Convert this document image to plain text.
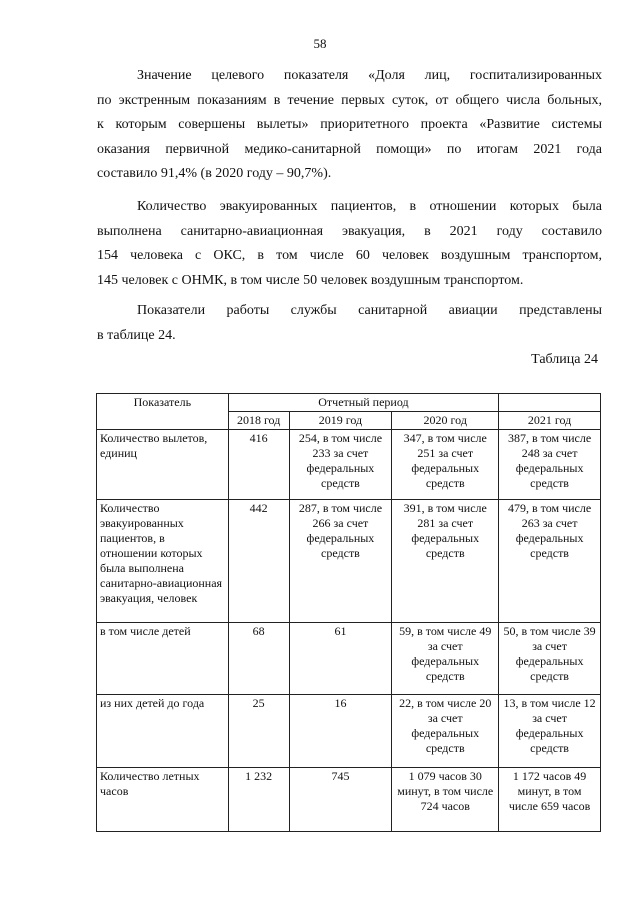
58
Значение целевого показателя «Доля лиц, госпитализированных
по экстренным показаниям в течение первых суток, от общего числа больных,
к которым совершены вылеты» приоритетного проекта «Развитие системы
оказания первичной медико-санитарной помощи» по итогам 2021 года
составило 91,4% (в 2020 году – 90,7%).
Количество эвакуированных пациентов, в отношении которых была
выполнена санитарно-авиационная эвакуация, в 2021 году составило
154 человека с ОКС, в том числе 60 человек воздушным транспортом,
145 человек с ОНМК, в том числе 50 человек воздушным транспортом.
Показатели работы службы санитарной авиации представлены
в таблице 24.
Таблица 24
Показатель	Отчетный период			
	2018 год	2019 год	2020 год	2021 год
Количество вылетов, единиц	416	254, в том числе 233 за счет федеральных средств	347, в том числе 251 за счет федеральных средств	387, в том числе 248 за счет федеральных средств
Количество эвакуированных пациентов, в отношении которых была выполнена санитарно-авиационная эвакуация, человек	442	287, в том числе 266 за счет федеральных средств	391, в том числе 281 за счет федеральных средств	479, в том числе 263 за счет федеральных средств
в том числе детей	68	61	59, в том числе 49 за счет федеральных средств	50, в том числе 39 за счет федеральных средств
из них детей до года	25	16	22, в том числе 20 за счет федеральных средств	13, в том числе 12 за счет федеральных средств
Количество летных часов	1 232	745	1 079 часов 30 минут, в том числе 724 часов	1 172 часов 49 минут, в том числе 659 часов
